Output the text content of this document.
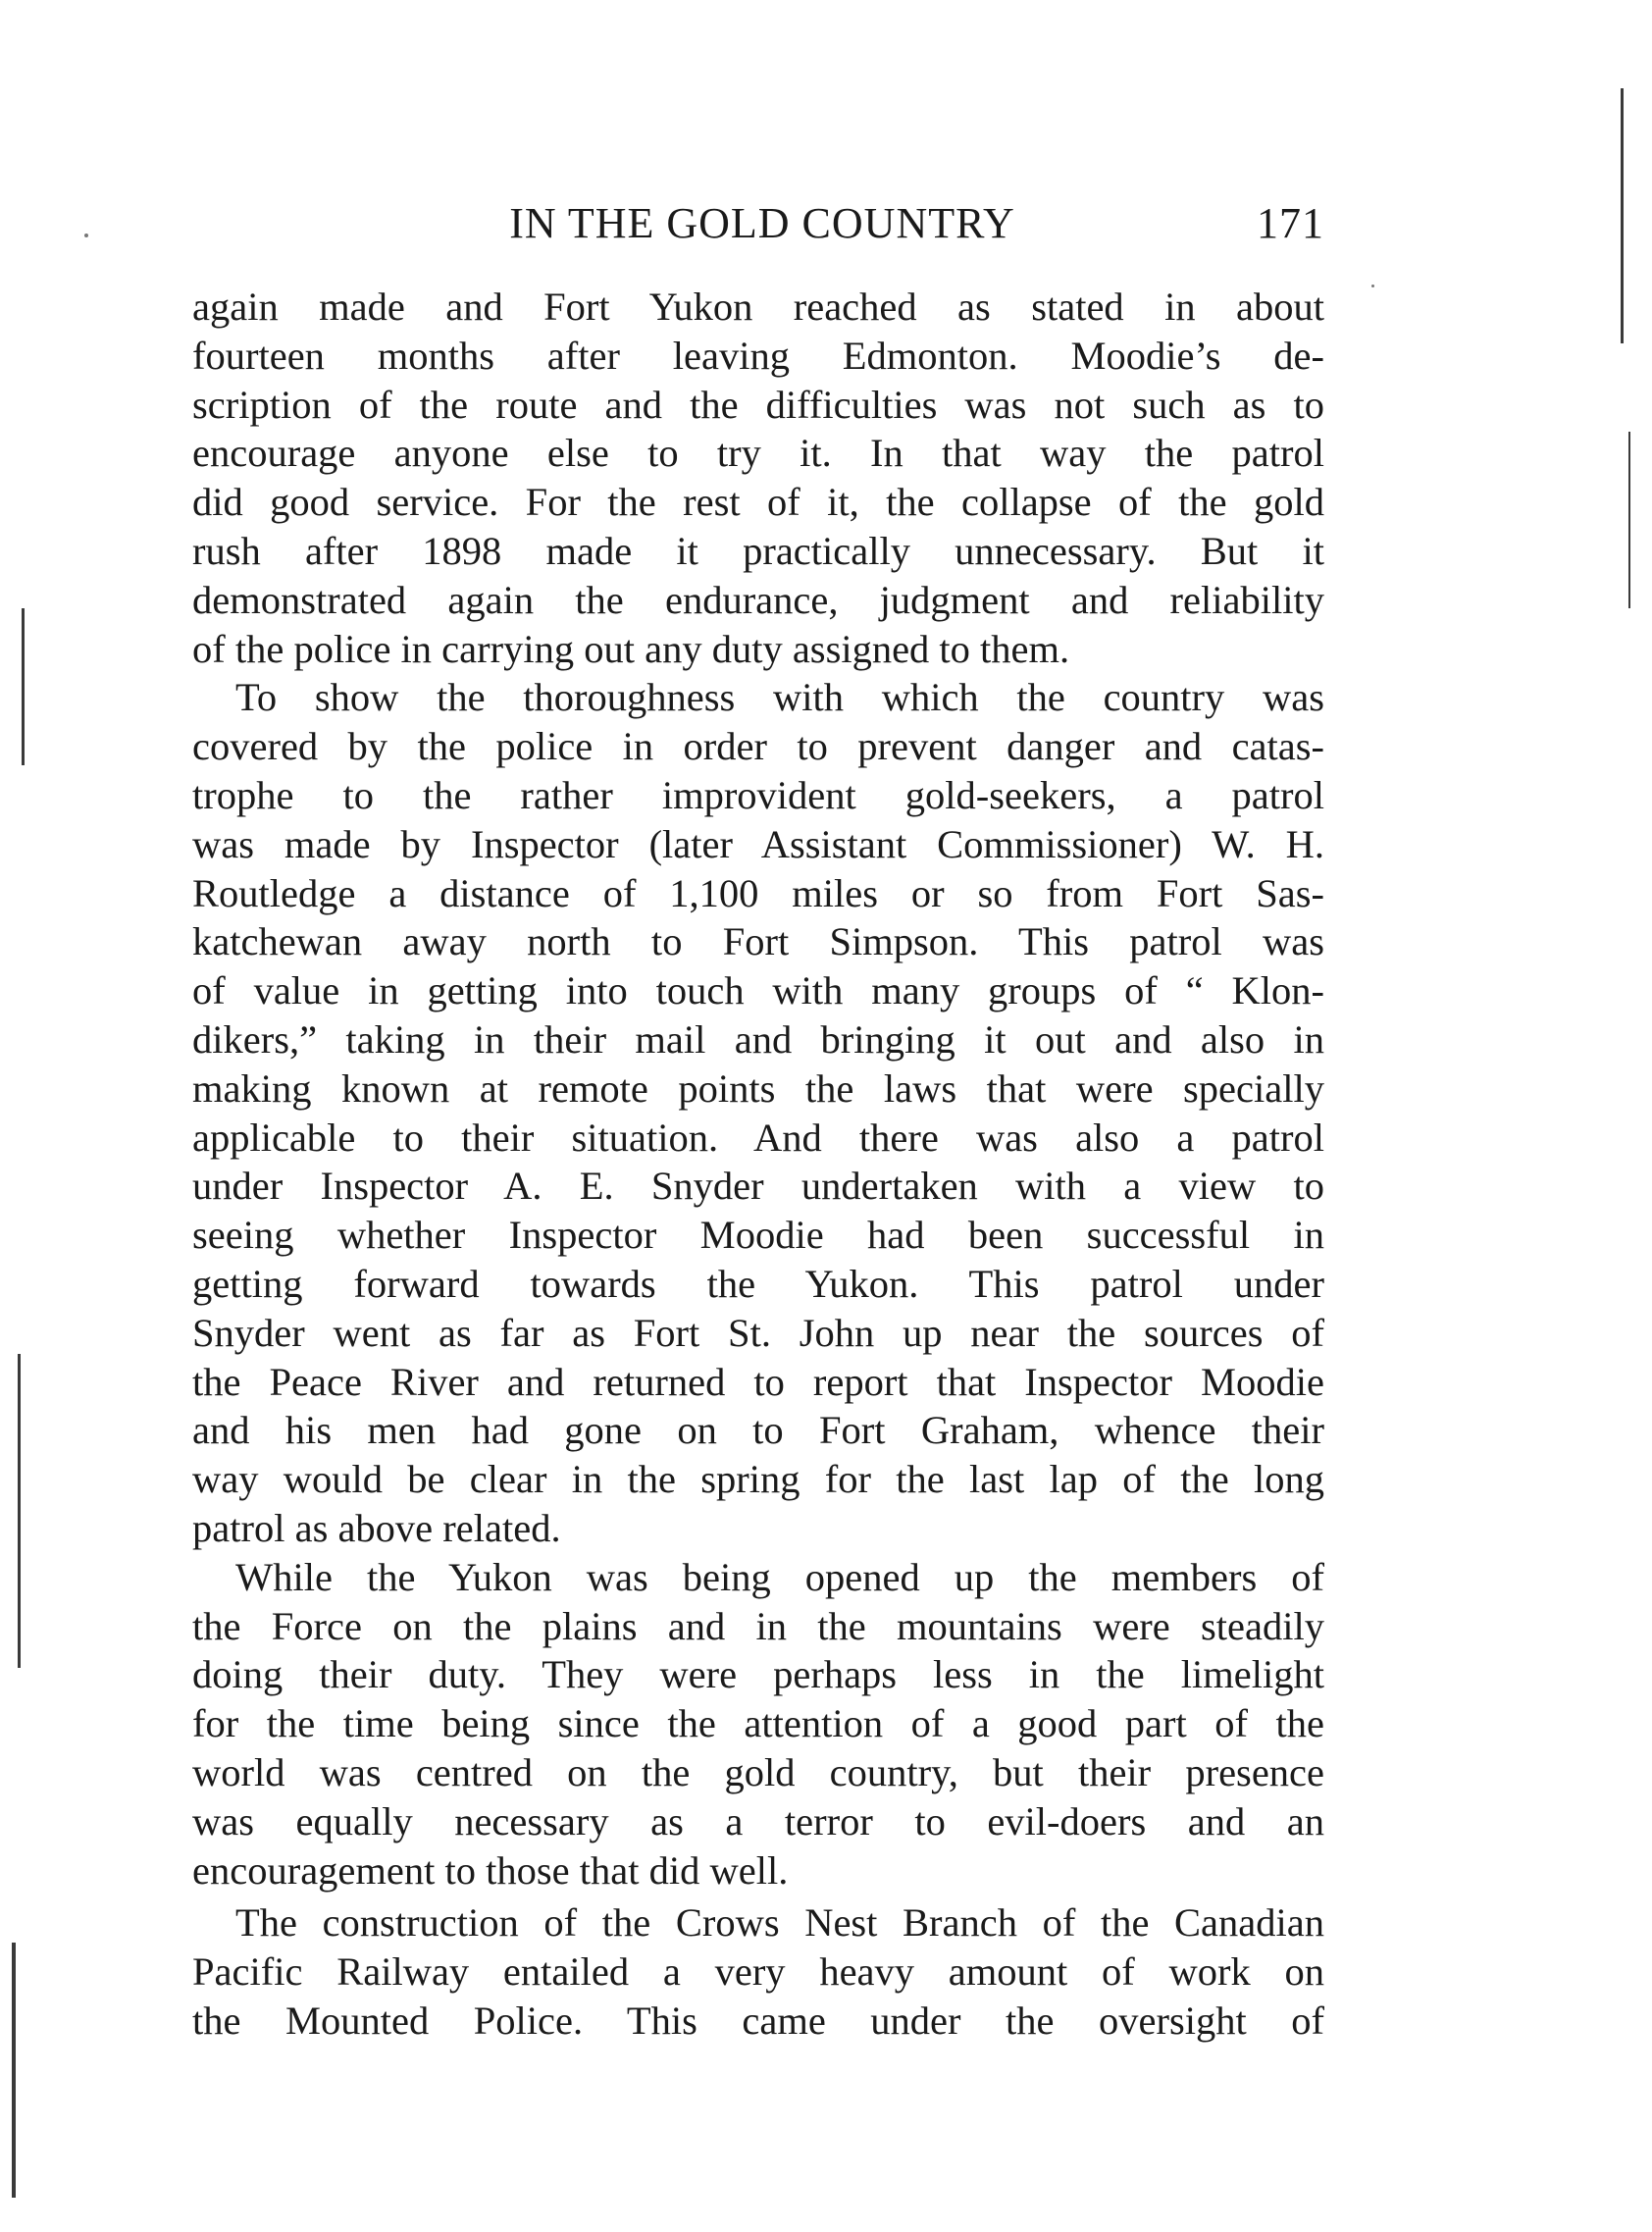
IN THE GOLD COUNTRY	171

again made and Fort Yukon reached as stated in about
fourteen months after leaving Edmonton. Moodie’s de-
scription of the route and the difficulties was not such as to
encourage anyone else to try it. In that way the patrol
did good service. For the rest of it, the collapse of the gold
rush after 1898 made it practically unnecessary. But it
demonstrated again the endurance, judgment and reliability
of the police in carrying out any duty assigned to them.

To show the thoroughness with which the country was
covered by the police in order to prevent danger and catas-
trophe to the rather improvident gold-seekers, a patrol
was made by Inspector (later Assistant Commissioner) W. H.
Routledge a distance of 1,100 miles or so from Fort Sas-
katchewan away north to Fort Simpson. This patrol was
of value in getting into touch with many groups of “ Klon-
dikers,” taking in their mail and bringing it out and also in
making known at remote points the laws that were specially
applicable to their situation. And there was also a patrol
under Inspector A. E. Snyder undertaken with a view to
seeing whether Inspector Moodie had been successful in
getting forward towards the Yukon. This patrol under
Snyder went as far as Fort St. John up near the sources of
the Peace River and returned to report that Inspector Moodie
and his men had gone on to Fort Graham, whence their
way would be clear in the spring for the last lap of the long
patrol as above related.

While the Yukon was being opened up the members of
the Force on the plains and in the mountains were steadily
doing their duty. They were perhaps less in the limelight
for the time being since the attention of a good part of the
world was centred on the gold country, but their presence
was equally necessary as a terror to evil-doers and an
encouragement to those that did well.

The construction of the Crows Nest Branch of the Canadian
Pacific Railway entailed a very heavy amount of work on
the Mounted Police. This came under the oversight of
